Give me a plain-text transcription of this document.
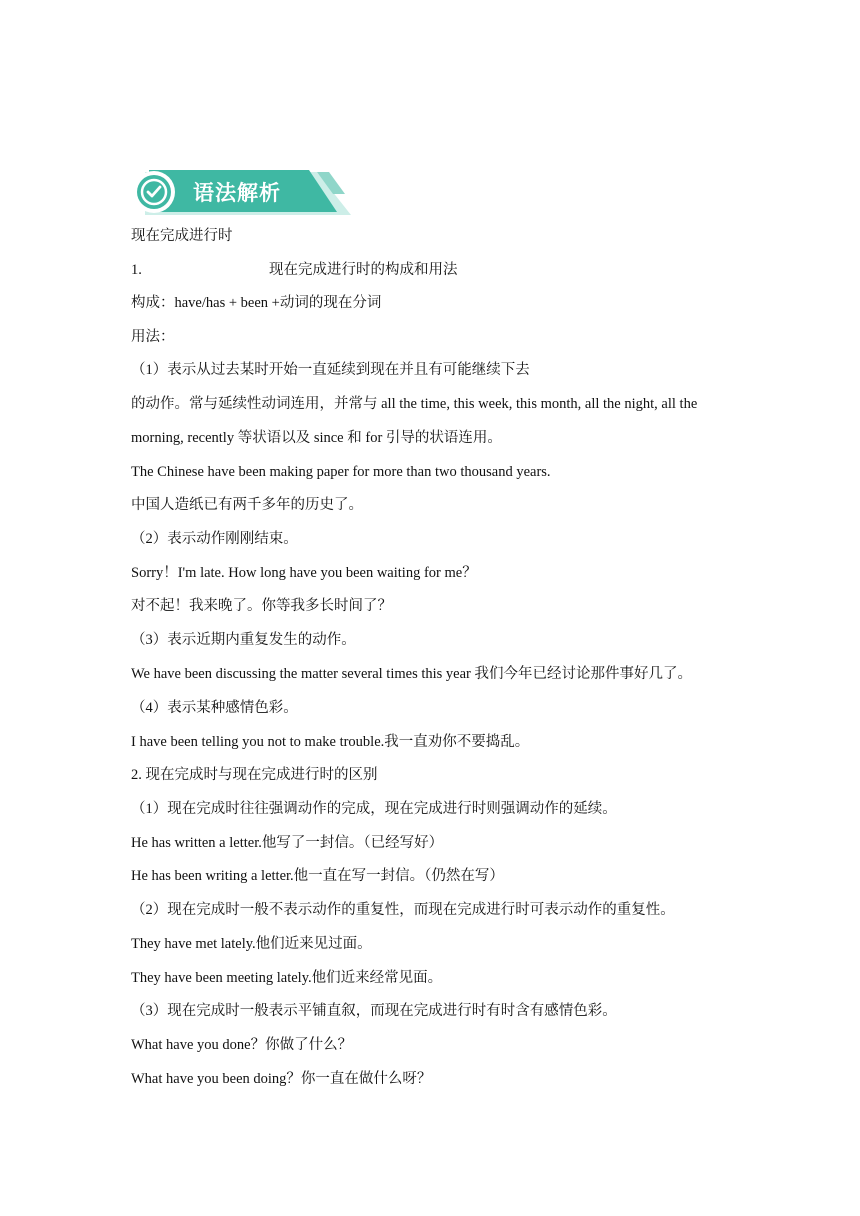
语法解析
现在完成进行时
1.	现在完成进行时的构成和用法
构成：have/has + been +动词的现在分词
用法：
（1）表示从过去某时开始一直延续到现在并且有可能继续下去
的动作。常与延续性动词连用，并常与 all the time, this week, this month, all the night, all the
morning, recently 等状语以及 since 和 for 引导的状语连用。
The Chinese have been making paper for more than two thousand years.
中国人造纸已有两千多年的历史了。
（2）表示动作刚刚结束。
Sorry！I'm late. How long have you been waiting for me？
对不起！我来晚了。你等我多长时间了？
（3）表示近期内重复发生的动作。
We have been discussing the matter several times this year 我们今年已经讨论那件事好几了。
（4）表示某种感情色彩。
I have been telling you not to make trouble.我一直劝你不要捣乱。
2. 现在完成时与现在完成进行时的区别
（1）现在完成时往往强调动作的完成，现在完成进行时则强调动作的延续。
He has written a letter.他写了一封信。（已经写好）
He has been writing a letter.他一直在写一封信。（仍然在写）
（2）现在完成时一般不表示动作的重复性，而现在完成进行时可表示动作的重复性。
They have met lately.他们近来见过面。
They have been meeting lately.他们近来经常见面。
（3）现在完成时一般表示平铺直叙，而现在完成进行时有时含有感情色彩。
What have you done？你做了什么？
What have you been doing？你一直在做什么呀？
